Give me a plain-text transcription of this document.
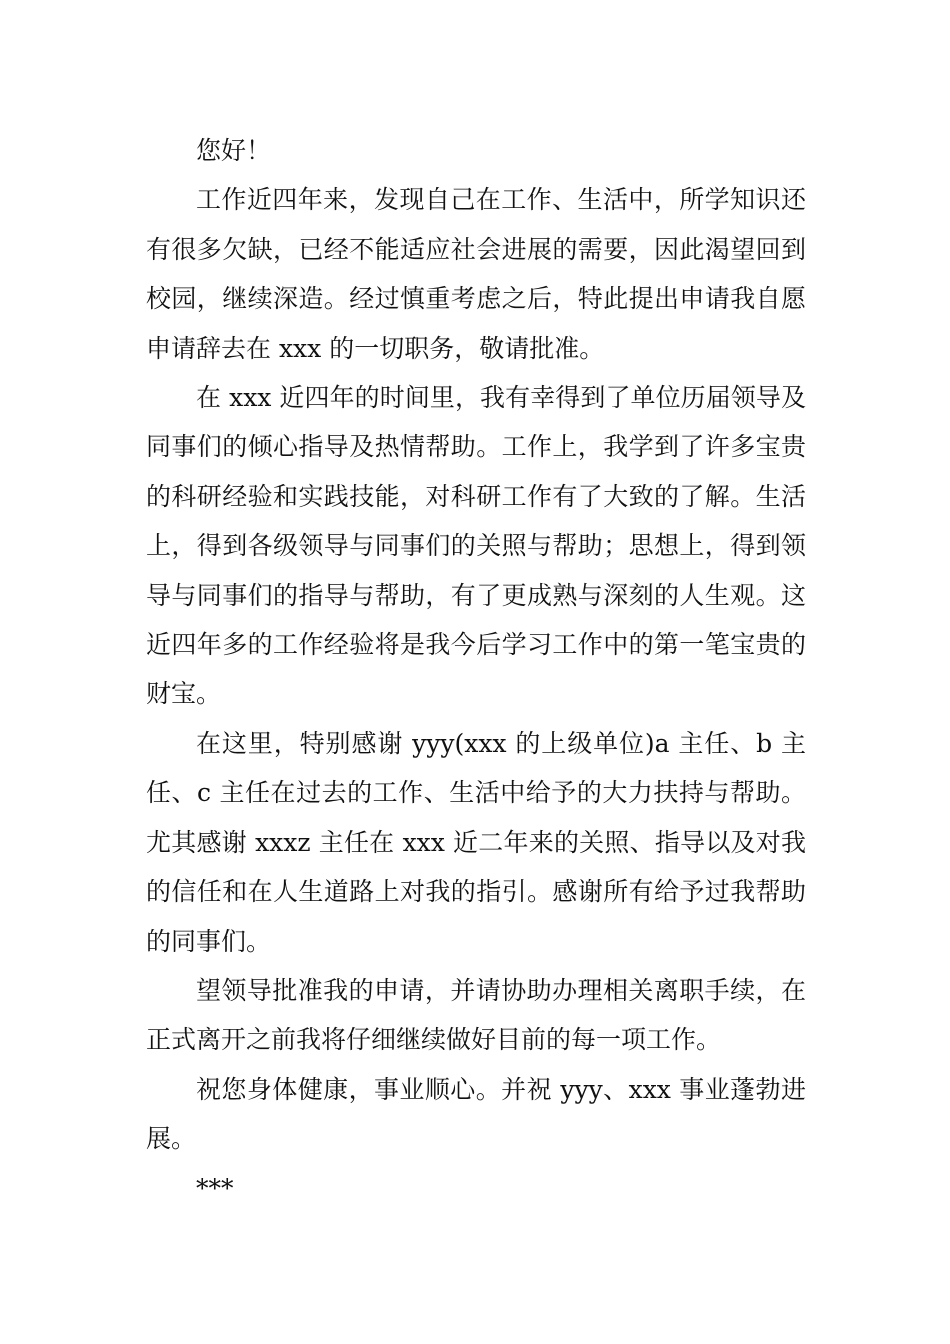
您好！

工作近四年来，发现自己在工作、生活中，所学知识还有很多欠缺，已经不能适应社会进展的需要，因此渴望回到校园，继续深造。经过慎重考虑之后，特此提出申请我自愿申请辞去在 xxx 的一切职务，敬请批准。

在 xxx 近四年的时间里，我有幸得到了单位历届领导及同事们的倾心指导及热情帮助。工作上，我学到了许多宝贵的科研经验和实践技能，对科研工作有了大致的了解。生活上，得到各级领导与同事们的关照与帮助；思想上，得到领导与同事们的指导与帮助，有了更成熟与深刻的人生观。这近四年多的工作经验将是我今后学习工作中的第一笔宝贵的财宝。

在这里，特别感谢 yyy(xxx 的上级单位)a 主任、b 主任、c 主任在过去的工作、生活中给予的大力扶持与帮助。尤其感谢 xxxz 主任在 xxx 近二年来的关照、指导以及对我的信任和在人生道路上对我的指引。感谢所有给予过我帮助的同事们。

望领导批准我的申请，并请协助办理相关离职手续，在正式离开之前我将仔细继续做好目前的每一项工作。

祝您身体健康，事业顺心。并祝 yyy、xxx 事业蓬勃进展。

***
